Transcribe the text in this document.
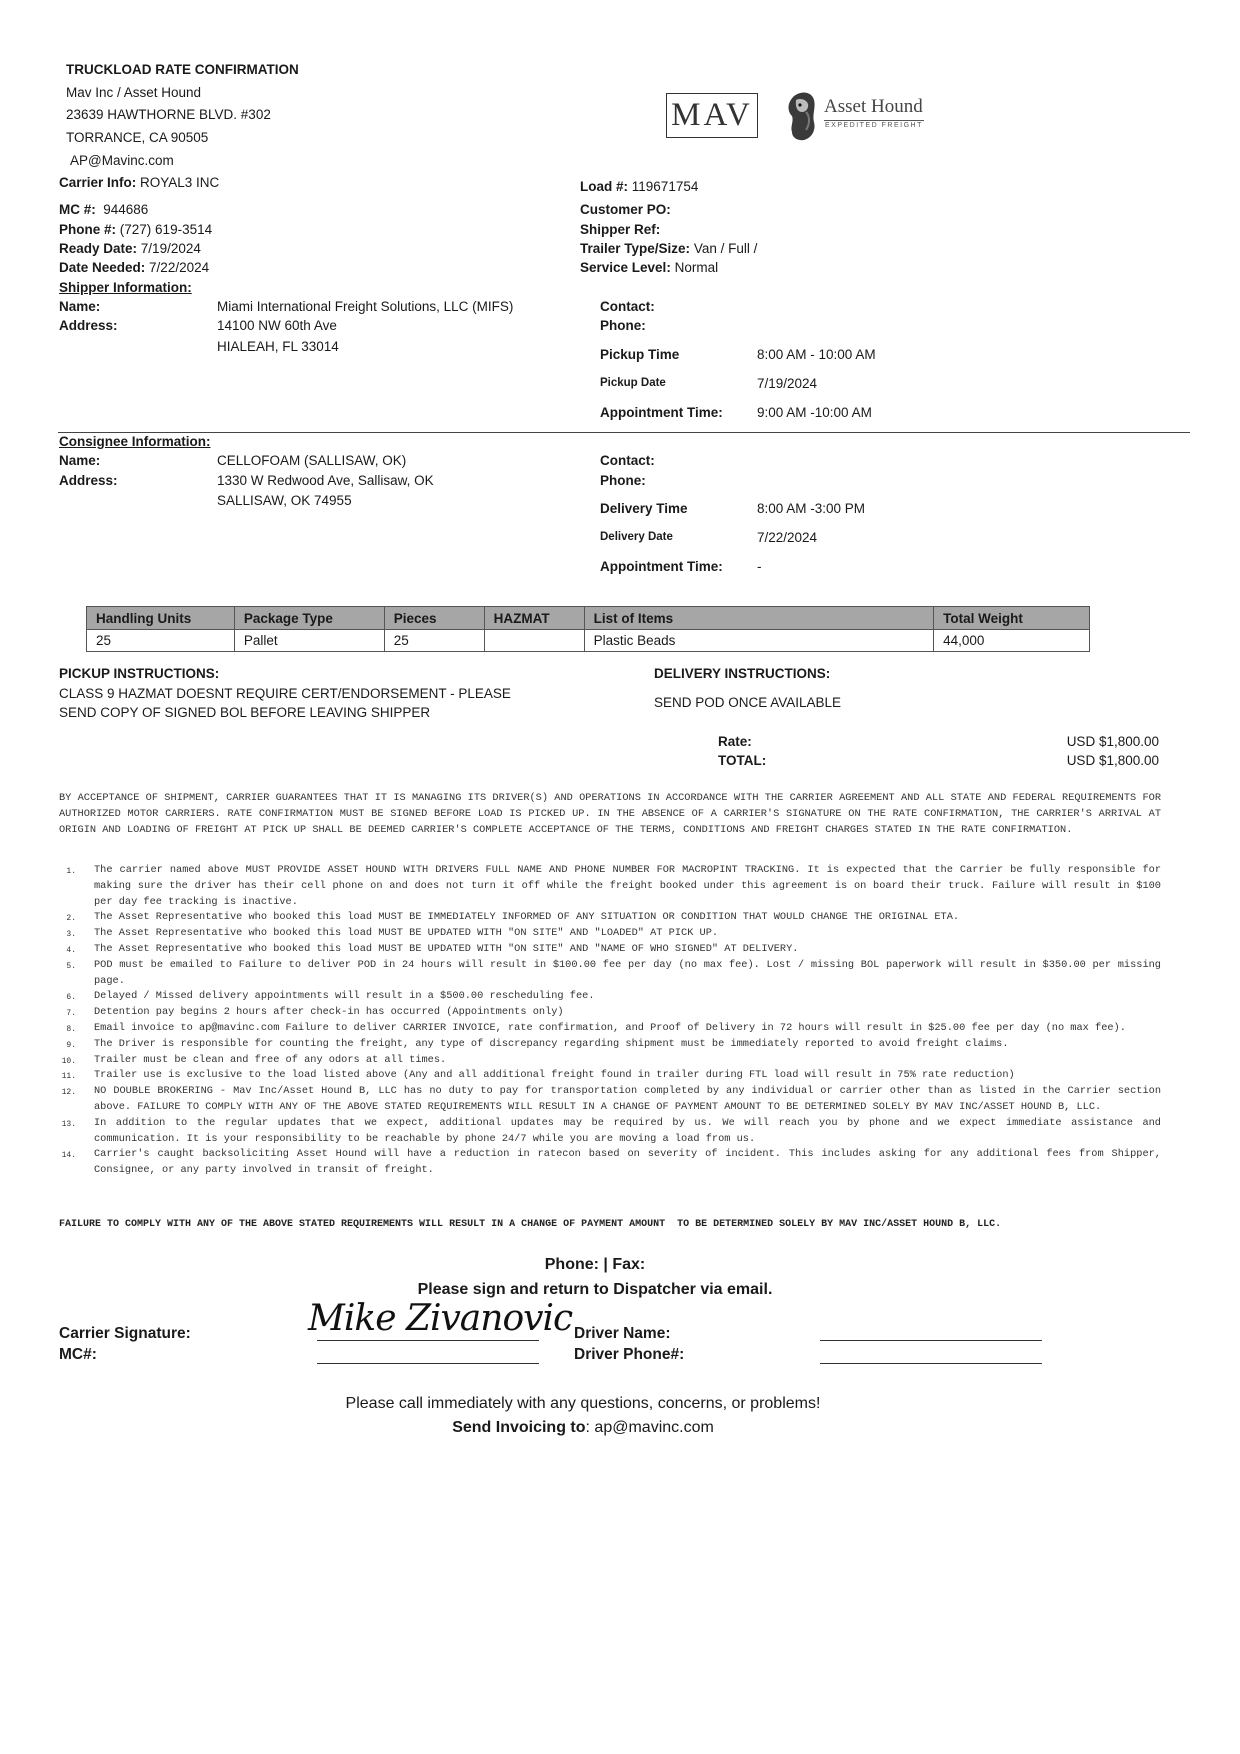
TRUCKLOAD RATE CONFIRMATION
Mav Inc / Asset Hound
23639 HAWTHORNE BLVD. #302
TORRANCE, CA 90505
AP@Mavinc.com
MAV	Asset Hound
EXPEDITED FREIGHT
Carrier Info: ROYAL3 INC
MC #: 944686
Phone #: (727) 619-3514
Ready Date: 7/19/2024
Date Needed: 7/22/2024
Load #: 119671754
Customer PO:
Shipper Ref:
Trailer Type/Size: Van / Full /
Service Level: Normal
Shipper Information:
Name:	Miami International Freight Solutions, LLC (MIFS)
Address:	14100 NW 60th Ave
HIALEAH, FL 33014
Contact:
Phone:
Pickup Time	8:00 AM - 10:00 AM
Pickup Date	7/19/2024
Appointment Time:	9:00 AM -10:00 AM
Consignee Information:
Name:	CELLOFOAM (SALLISAW, OK)
Address:	1330 W Redwood Ave, Sallisaw, OK
SALLISAW, OK 74955
Contact:
Phone:
Delivery Time	8:00 AM -3:00 PM
Delivery Date	7/22/2024
Appointment Time:	-
Handling Units	Package Type	Pieces	HAZMAT	List of Items	Total Weight
25	Pallet	25		Plastic Beads	44,000
PICKUP INSTRUCTIONS:
CLASS 9 HAZMAT DOESNT REQUIRE CERT/ENDORSEMENT - PLEASE
SEND COPY OF SIGNED BOL BEFORE LEAVING SHIPPER
DELIVERY INSTRUCTIONS:
SEND POD ONCE AVAILABLE
Rate:	USD $1,800.00
TOTAL:	USD $1,800.00
BY ACCEPTANCE OF SHIPMENT, CARRIER GUARANTEES THAT IT IS MANAGING ITS DRIVER(S) AND OPERATIONS IN ACCORDANCE WITH THE CARRIER AGREEMENT AND ALL STATE AND FEDERAL REQUIREMENTS FOR AUTHORIZED MOTOR CARRIERS. RATE CONFIRMATION MUST BE SIGNED BEFORE LOAD IS PICKED UP. IN THE ABSENCE OF A CARRIER'S SIGNATURE ON THE RATE CONFIRMATION, THE CARRIER'S ARRIVAL AT ORIGIN AND LOADING OF FREIGHT AT PICK UP SHALL BE DEEMED CARRIER'S COMPLETE ACCEPTANCE OF THE TERMS, CONDITIONS AND FREIGHT CHARGES STATED IN THE RATE CONFIRMATION.
1. The carrier named above MUST PROVIDE ASSET HOUND WITH DRIVERS FULL NAME AND PHONE NUMBER FOR MACROPINT TRACKING. It is expected that the Carrier be fully responsible for making sure the driver has their cell phone on and does not turn it off while the freight booked under this agreement is on board their truck. Failure will result in $100 per day fee tracking is inactive.
2. The Asset Representative who booked this load MUST BE IMMEDIATELY INFORMED OF ANY SITUATION OR CONDITION THAT WOULD CHANGE THE ORIGINAL ETA.
3. The Asset Representative who booked this load MUST BE UPDATED WITH "ON SITE" AND "LOADED" AT PICK UP.
4. The Asset Representative who booked this load MUST BE UPDATED WITH "ON SITE" AND "NAME OF WHO SIGNED" AT DELIVERY.
5. POD must be emailed to Failure to deliver POD in 24 hours will result in $100.00 fee per day (no max fee). Lost / missing BOL paperwork will result in $350.00 per missing page.
6. Delayed / Missed delivery appointments will result in a $500.00 rescheduling fee.
7. Detention pay begins 2 hours after check-in has occurred (Appointments only)
8. Email invoice to ap@mavinc.com Failure to deliver CARRIER INVOICE, rate confirmation, and Proof of Delivery in 72 hours will result in $25.00 fee per day (no max fee).
9. The Driver is responsible for counting the freight, any type of discrepancy regarding shipment must be immediately reported to avoid freight claims.
10. Trailer must be clean and free of any odors at all times.
11. Trailer use is exclusive to the load listed above (Any and all additional freight found in trailer during FTL load will result in 75% rate reduction)
12. NO DOUBLE BROKERING - Mav Inc/Asset Hound B, LLC has no duty to pay for transportation completed by any individual or carrier other than as listed in the Carrier section above. FAILURE TO COMPLY WITH ANY OF THE ABOVE STATED REQUIREMENTS WILL RESULT IN A CHANGE OF PAYMENT AMOUNT TO BE DETERMINED SOLELY BY MAV INC/ASSET HOUND B, LLC.
13. In addition to the regular updates that we expect, additional updates may be required by us. We will reach you by phone and we expect immediate assistance and communication. It is your responsibility to be reachable by phone 24/7 while you are moving a load from us.
14. Carrier's caught backsoliciting Asset Hound will have a reduction in ratecon based on severity of incident. This includes asking for any additional fees from Shipper, Consignee, or any party involved in transit of freight.
FAILURE TO COMPLY WITH ANY OF THE ABOVE STATED REQUIREMENTS WILL RESULT IN A CHANGE OF PAYMENT AMOUNT  TO BE DETERMINED SOLELY BY MAV INC/ASSET HOUND B, LLC.
Phone: | Fax:
Please sign and return to Dispatcher via email.
Carrier Signature:
MC#:
Mike Zivanovic Driver Name:
Driver Phone#:
Please call immediately with any questions, concerns, or problems!
Send Invoicing to: ap@mavinc.com
